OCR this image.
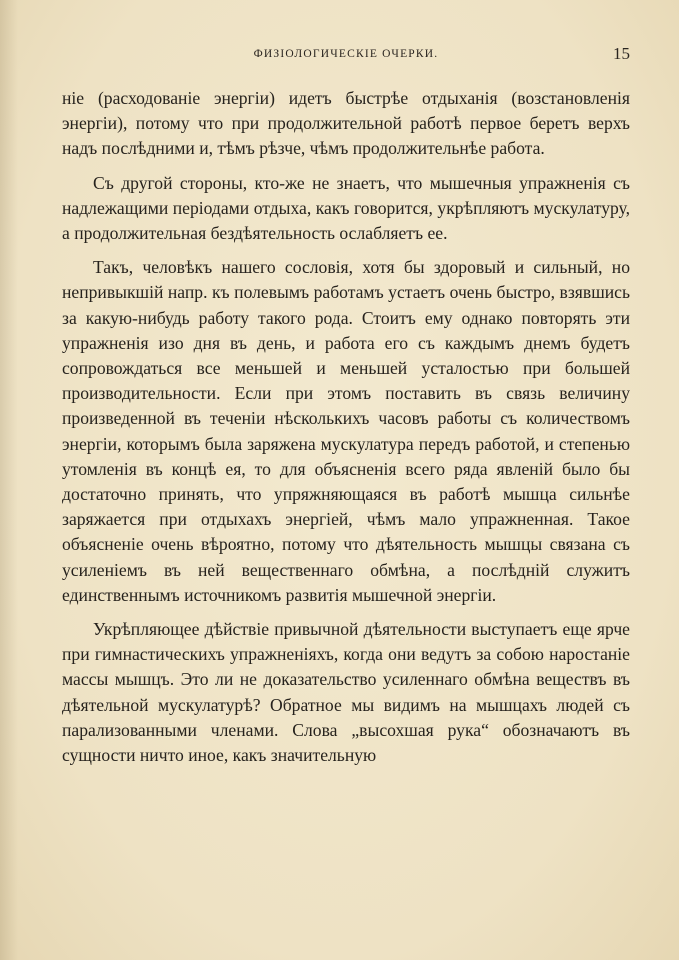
ФИЗІОЛОГИЧЕСКІЕ ОЧЕРКИ.	15

ніе (расходованіе энергіи) идетъ быстрѣе отдыханія (возстановленія энергіи), потому что при продолжительной работѣ первое беретъ верхъ надъ послѣдними и, тѣмъ рѣзче, чѣмъ продолжительнѣе работа.

Съ другой стороны, кто-же не знаетъ, что мышечныя упражненія съ надлежащими періодами отдыха, какъ говорится, укрѣпляютъ мускулатуру, а продолжительная бездѣятельность ослабляетъ ее.

Такъ, человѣкъ нашего сословія, хотя бы здоровый и сильный, но непривыкшій напр. къ полевымъ работамъ устаетъ очень быстро, взявшись за какую-нибудь работу такого рода. Стоитъ ему однако повторять эти упражненія изо дня въ день, и работа его съ каждымъ днемъ будетъ сопровождаться все меньшей и меньшей усталостью при большей производительности. Если при этомъ поставить въ связь величину произведенной въ теченіи нѣсколькихъ часовъ работы съ количествомъ энергіи, которымъ была заряжена мускулатура передъ работой, и степенью утомленія въ концѣ ея, то для объясненія всего ряда явленій было бы достаточно принять, что упряжняющаяся въ работѣ мышца сильнѣе заряжается при отдыхахъ энергіей, чѣмъ мало упражненная. Такое объясненіе очень вѣроятно, потому что дѣятельность мышцы связана съ усиленіемъ въ ней вещественнаго обмѣна, а послѣдній служитъ единственнымъ источникомъ развитія мышечной энергіи.

Укрѣпляющее дѣйствіе привычной дѣятельности выступаетъ еще ярче при гимнастическихъ упражненіяхъ, когда они ведутъ за собою наростаніе массы мышцъ. Это ли не доказательство усиленнаго обмѣна веществъ въ дѣятельной мускулатурѣ? Обратное мы видимъ на мышцахъ людей съ парализованными членами. Слова „высохшая рука“ обозначаютъ въ сущности ничто иное, какъ значительную
